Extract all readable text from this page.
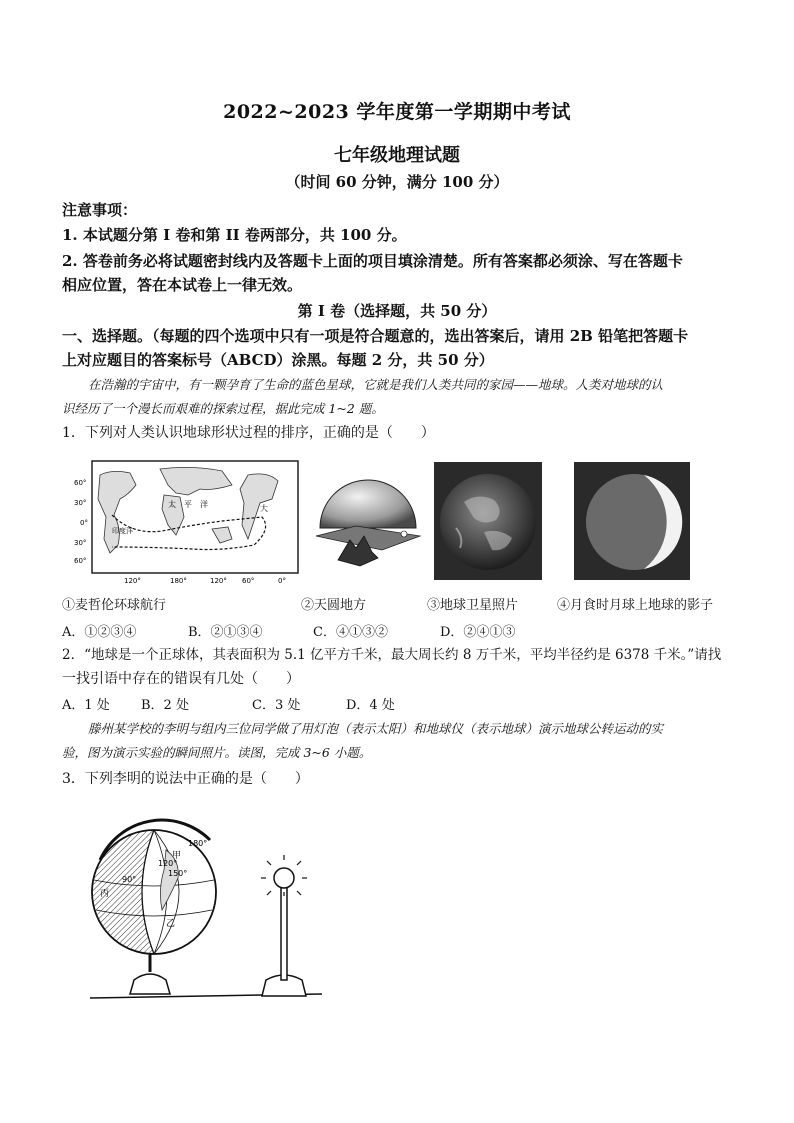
2022~2023 学年度第一学期期中考试
七年级地理试题
（时间 60 分钟，满分 100 分）
注意事项：
1. 本试题分第 I 卷和第 II 卷两部分，共 100 分。
2. 答卷前务必将试题密封线内及答题卡上面的项目填涂清楚。所有答案都必须涂、写在答题卡
相应位置，答在本试卷上一律无效。
第 I 卷（选择题，共 50 分）
一、选择题。（每题的四个选项中只有一项是符合题意的，选出答案后，请用 2B 铅笔把答题卡
上对应题目的答案标号（ABCD）涂黑。每题 2 分，共 50 分）
在浩瀚的宇宙中，有一颗孕育了生命的蓝色星球，它就是我们人类共同的家园——地球。人类对地球的认
识经历了一个漫长而艰难的探索过程，据此完成 1~2 题。
1．下列对人类认识地球形状过程的排序，正确的是（　　）
60°
30°
0°
30°
60°
太　平　洋
印度洋
大
120°	180°	120° 60°	0°
①麦哲伦环球航行	②天圆地方	③地球卫星照片	④月食时月球上地球的影子
A．①②③④	B．②①③④	C．④①③②	D．②④①③
2．“地球是一个正球体，其表面积为 5.1 亿平方千米，最大周长约 8 万千米，平均半径约是 6378 千米。”请找
一找引语中存在的错误有几处（　　）
A．1 处 B．2 处	C．3 处	D．4 处
滕州某学校的李明与组内三位同学做了用灯泡（表示太阳）和地球仪（表示地球）演示地球公转运动的实
验，图为演示实验的瞬间照片。读图，完成 3~6 小题。
3．下列李明的说法中正确的是（　　）
甲
180°
120°
150°
90°
丙
乙
